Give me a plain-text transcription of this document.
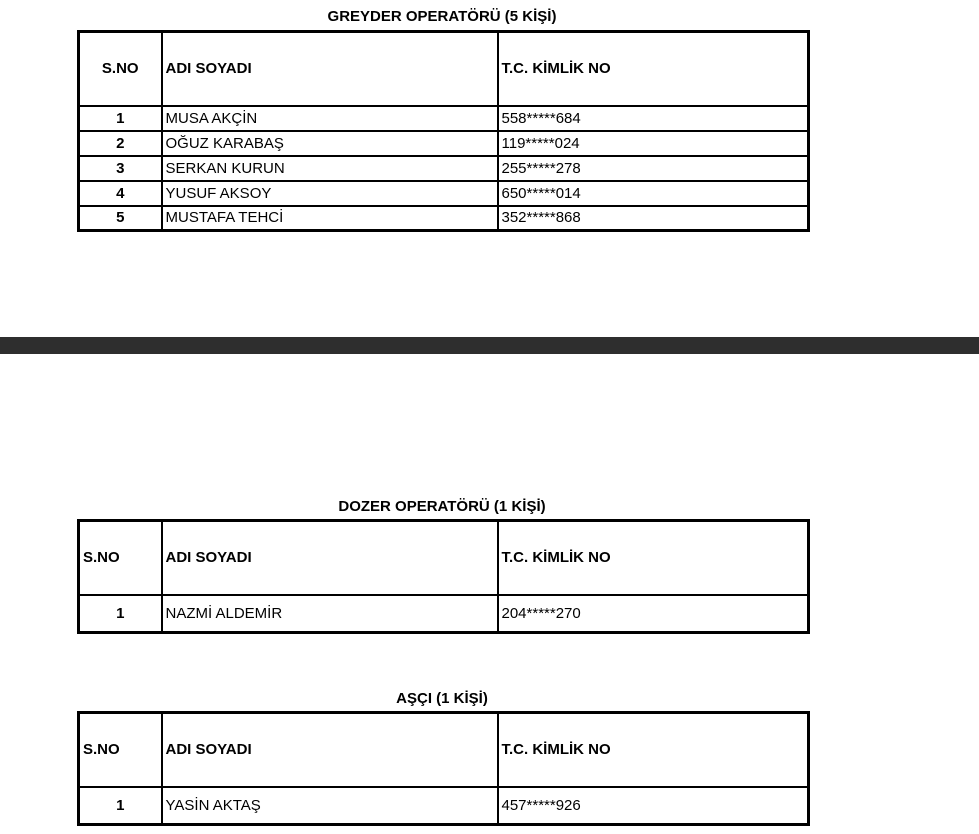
GREYDER OPERATÖRÜ (5 KİŞİ)
S.NO	ADI SOYADI	T.C. KİMLİK NO
1	MUSA AKÇİN	558*****684
2	OĞUZ KARABAŞ	119*****024
3	SERKAN KURUN	255*****278
4	YUSUF AKSOY	650*****014
5	MUSTAFA TEHCİ	352*****868
DOZER OPERATÖRÜ (1 KİŞİ)
S.NO	ADI SOYADI	T.C. KİMLİK NO
1	NAZMİ ALDEMİR	204*****270
AŞÇI (1 KİŞİ)
S.NO	ADI SOYADI	T.C. KİMLİK NO
1	YASİN AKTAŞ	457*****926
